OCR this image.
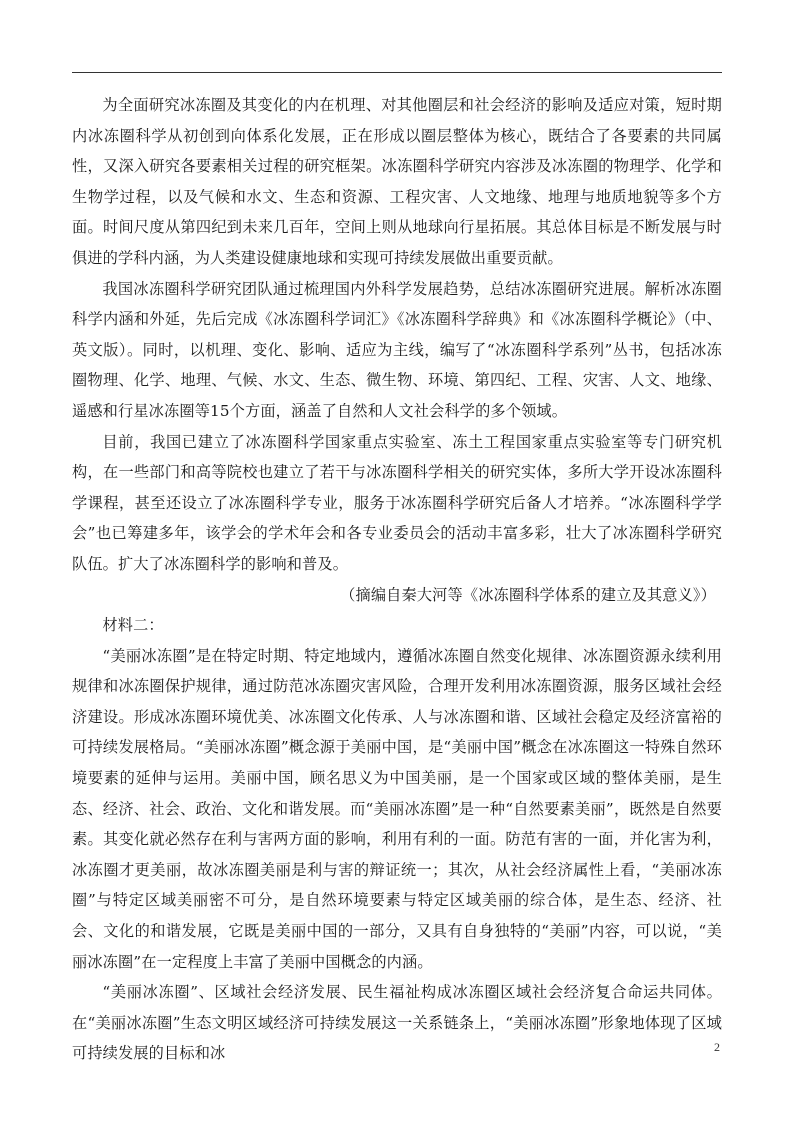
为全面研究冰冻圈及其变化的内在机理、对其他圈层和社会经济的影响及适应对策，短时期内冰冻圈科学从初创到向体系化发展，正在形成以圈层整体为核心，既结合了各要素的共同属性，又深入研究各要素相关过程的研究框架。冰冻圈科学研究内容涉及冰冻圈的物理学、化学和生物学过程，以及气候和水文、生态和资源、工程灾害、人文地缘、地理与地质地貌等多个方面。时间尺度从第四纪到未来几百年，空间上则从地球向行星拓展。其总体目标是不断发展与时俱进的学科内涵，为人类建设健康地球和实现可持续发展做出重要贡献。

我国冰冻圈科学研究团队通过梳理国内外科学发展趋势，总结冰冻圈研究进展。解析冰冻圈科学内涵和外延，先后完成《冰冻圈科学词汇》《冰冻圈科学辞典》和《冰冻圈科学概论》（中、英文版）。同时，以机理、变化、影响、适应为主线，编写了“冰冻圈科学系列”丛书，包括冰冻圈物理、化学、地理、气候、水文、生态、微生物、环境、第四纪、工程、灾害、人文、地缘、遥感和行星冰冻圈等15个方面，涵盖了自然和人文社会科学的多个领域。

目前，我国已建立了冰冻圈科学国家重点实验室、冻土工程国家重点实验室等专门研究机构，在一些部门和高等院校也建立了若干与冰冻圈科学相关的研究实体，多所大学开设冰冻圈科学课程，甚至还设立了冰冻圈科学专业，服务于冰冻圈科学研究后备人才培养。“冰冻圈科学学会”也已筹建多年，该学会的学术年会和各专业委员会的活动丰富多彩，壮大了冰冻圈科学研究队伍。扩大了冰冻圈科学的影响和普及。

（摘编自秦大河等《冰冻圈科学体系的建立及其意义》）

材料二：

“美丽冰冻圈”是在特定时期、特定地域内，遵循冰冻圈自然变化规律、冰冻圈资源永续利用规律和冰冻圈保护规律，通过防范冰冻圈灾害风险，合理开发利用冰冻圈资源，服务区域社会经济建设。形成冰冻圈环境优美、冰冻圈文化传承、人与冰冻圈和谐、区域社会稳定及经济富裕的可持续发展格局。“美丽冰冻圈”概念源于美丽中国，是“美丽中国”概念在冰冻圈这一特殊自然环境要素的延伸与运用。美丽中国，顾名思义为中国美丽，是一个国家或区域的整体美丽，是生态、经济、社会、政治、文化和谐发展。而“美丽冰冻圈”是一种“自然要素美丽”，既然是自然要素。其变化就必然存在利与害两方面的影响，利用有利的一面。防范有害的一面，并化害为利，冰冻圈才更美丽，故冰冻圈美丽是利与害的辩证统一；其次，从社会经济属性上看，“美丽冰冻圈”与特定区域美丽密不可分，是自然环境要素与特定区域美丽的综合体，是生态、经济、社会、文化的和谐发展，它既是美丽中国的一部分，又具有自身独特的“美丽”内容，可以说，“美丽冰冻圈”在一定程度上丰富了美丽中国概念的内涵。

“美丽冰冻圈”、区域社会经济发展、民生福祉构成冰冻圈区域社会经济复合命运共同体。在“美丽冰冻圈”生态文明区域经济可持续发展这一关系链条上，“美丽冰冻圈”形象地体现了区域可持续发展的目标和冰	2
